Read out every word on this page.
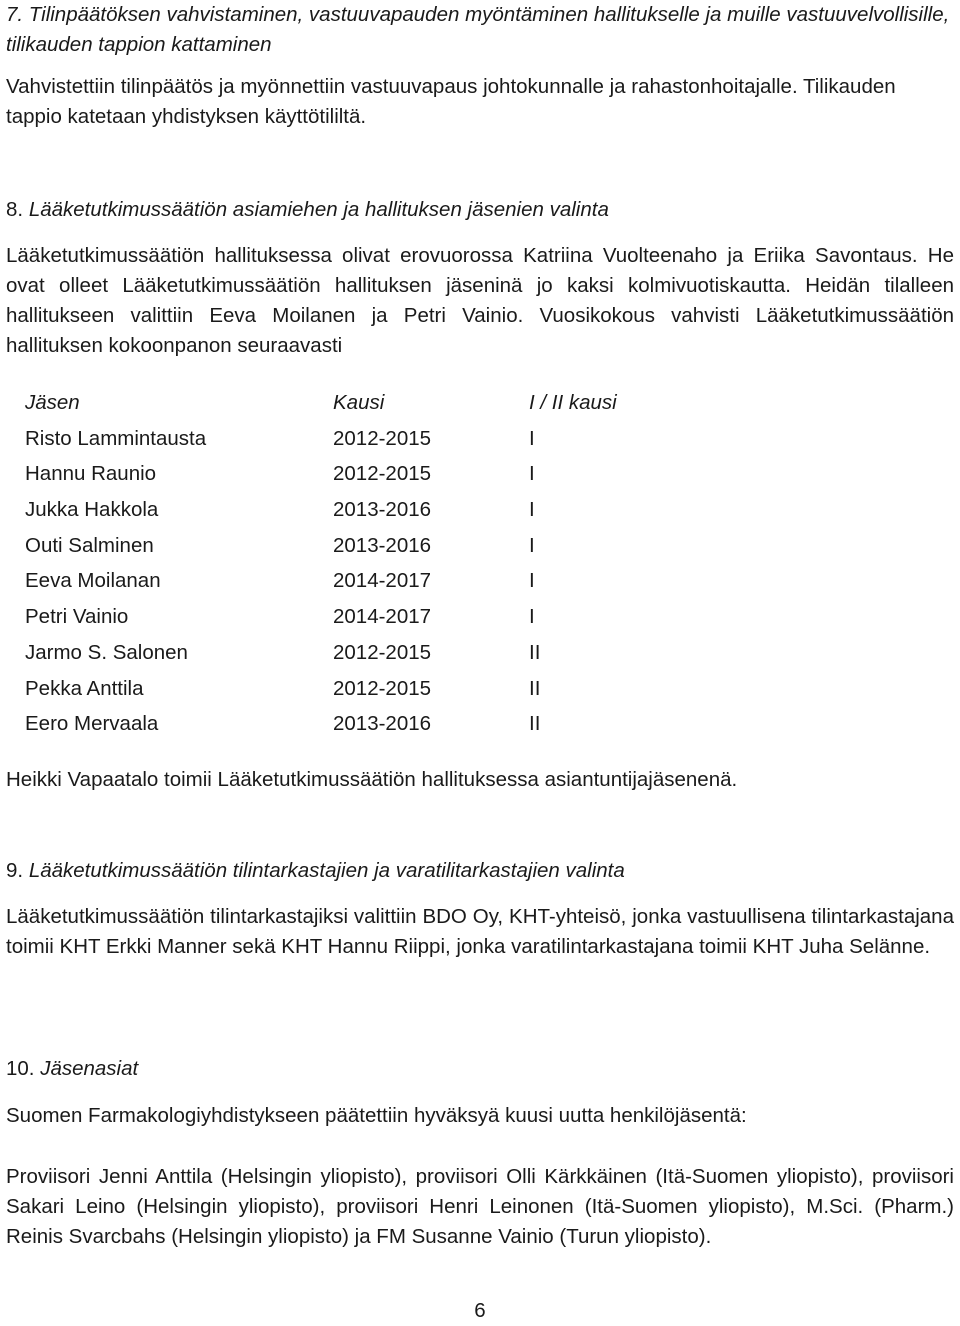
7. Tilinpäätöksen vahvistaminen, vastuuvapauden myöntäminen hallitukselle ja muille vastuuvelvollisille, tilikauden tappion kattaminen

Vahvistettiin tilinpäätös ja myönnettiin vastuuvapaus johtokunnalle ja rahastonhoitajalle. Tilikauden tappio katetaan yhdistyksen käyttötililtä.

8. Lääketutkimussäätiön asiamiehen ja hallituksen jäsenien valinta

Lääketutkimussäätiön hallituksessa olivat erovuorossa Katriina Vuolteenaho ja Eriika Savontaus. He ovat olleet Lääketutkimussäätiön hallituksen jäseninä jo kaksi kolmivuotiskautta. Heidän tilalleen hallitukseen valittiin Eeva Moilanen ja Petri Vainio. Vuosikokous vahvisti Lääketutkimussäätiön hallituksen kokoonpanon seuraavasti

Jäsen	Kausi	I / II kausi
Risto Lammintausta	2012-2015	I
Hannu Raunio	2012-2015	I
Jukka Hakkola	2013-2016	I
Outi Salminen	2013-2016	I
Eeva Moilanan	2014-2017	I
Petri Vainio	2014-2017	I
Jarmo S. Salonen	2012-2015	II
Pekka Anttila	2012-2015	II
Eero Mervaala	2013-2016	II

Heikki Vapaatalo toimii Lääketutkimussäätiön hallituksessa asiantuntijajäsenenä.

9. Lääketutkimussäätiön tilintarkastajien ja varatilitarkastajien valinta

Lääketutkimussäätiön tilintarkastajiksi valittiin BDO Oy, KHT-yhteisö, jonka vastuullisena tilintarkastajana toimii KHT Erkki Manner sekä KHT Hannu Riippi, jonka varatilintarkastajana toimii KHT Juha Selänne.

10. Jäsenasiat

Suomen Farmakologiyhdistykseen päätettiin hyväksyä kuusi uutta henkilöjäsentä:

Proviisori Jenni Anttila (Helsingin yliopisto), proviisori Olli Kärkkäinen (Itä-Suomen yliopisto), proviisori Sakari Leino (Helsingin yliopisto), proviisori Henri Leinonen (Itä-Suomen yliopisto), M.Sci. (Pharm.) Reinis Svarcbahs (Helsingin yliopisto) ja FM Susanne Vainio (Turun yliopisto).

6
